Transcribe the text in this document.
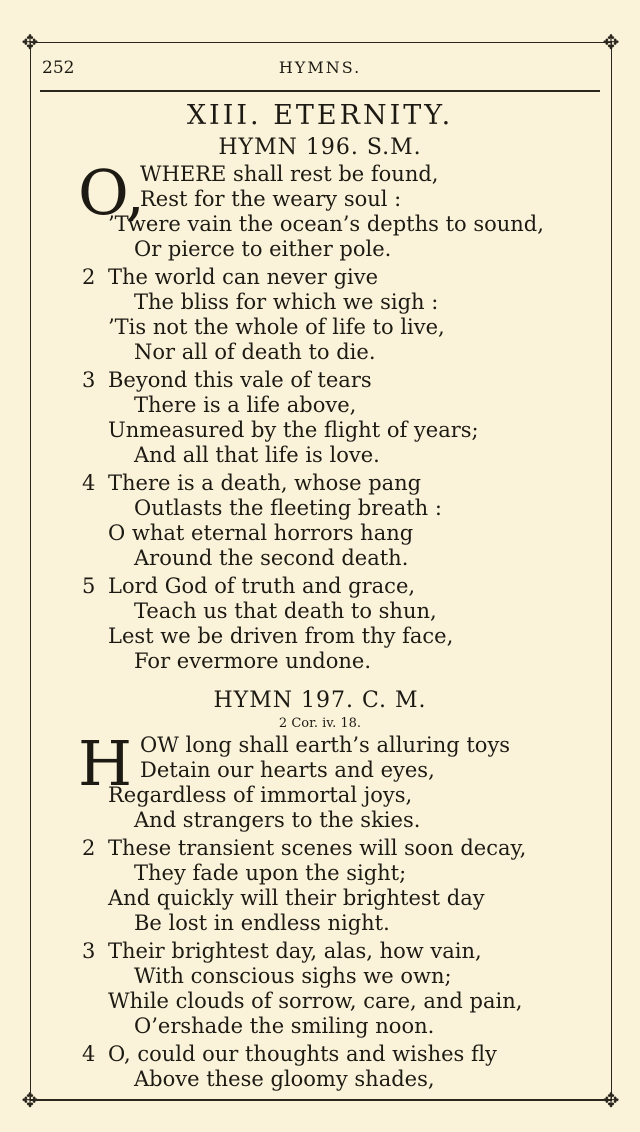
✥	✥
✥	✥
252	HYMNS.
XIII. ETERNITY.
HYMN 196. S.M.
O,
WHERE shall rest be found,
Rest for the weary soul :
’Twere vain the ocean’s depths to sound,
Or pierce to either pole.
2 The world can never give
The bliss for which we sigh :
’Tis not the whole of life to live,
Nor all of death to die.
3 Beyond this vale of tears
There is a life above,
Unmeasured by the flight of years;
And all that life is love.
4 There is a death, whose pang
Outlasts the fleeting breath :
O what eternal horrors hang
Around the second death.
5 Lord God of truth and grace,
Teach us that death to shun,
Lest we be driven from thy face,
For evermore undone.
HYMN 197. C. M.
2 Cor. iv. 18.
H OW long shall earth’s alluring toys
Detain our hearts and eyes,
Regardless of immortal joys,
And strangers to the skies.
2 These transient scenes will soon decay,
They fade upon the sight;
And quickly will their brightest day
Be lost in endless night.
3 Their brightest day, alas, how vain,
With conscious sighs we own;
While clouds of sorrow, care, and pain,
O’ershade the smiling noon.
4 O, could our thoughts and wishes fly
Above these gloomy shades,
